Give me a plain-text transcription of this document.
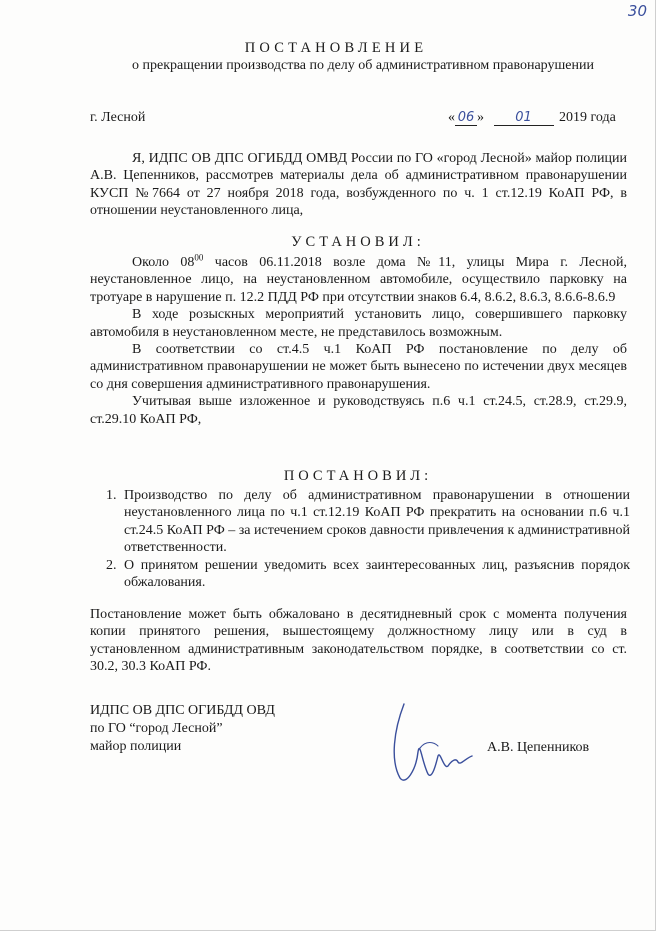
30
ПОСТАНОВЛЕНИЕ
о прекращении производства по делу об административном правонарушении
г. Лесной	« 06 » 01 2019 года

Я, ИДПС ОВ ДПС ОГИБДД ОМВД России по ГО «город Лесной» майор полиции А.В. Цепенников, рассмотрев материалы дела об административном правонарушении КУСП №7664 от 27 ноября 2018 года, возбужденного по ч. 1 ст.12.19 КоАП РФ, в отношении неустановленного лица,

УСТАНОВИЛ:

Около $08^{00}$ часов 06.11.2018 возле дома №11, улицы Мира г. Лесной, неустановленное лицо, на неустановленном автомобиле, осуществило парковку на тротуаре в нарушение п. 12.2 ПДД РФ при отсутствии знаков 6.4, 8.6.2, 8.6.3, 8.6.6-8.6.9

В ходе розыскных мероприятий установить лицо, совершившего парковку автомобиля в неустановленном месте, не представилось возможным.

В соответствии со ст.4.5 ч.1 КоАП РФ постановление по делу об административном правонарушении не может быть вынесено по истечении двух месяцев со дня совершения административного правонарушения.

Учитывая выше изложенное и руководствуясь п.6 ч.1 ст.24.5, ст.28.9, ст.29.9, ст.29.10 КоАП РФ,

ПОСТАНОВИЛ:

1. Производство по делу об административном правонарушении в отношении неустановленного лица по ч.1 ст.12.19 КоАП РФ прекратить на основании п.6 ч.1 ст.24.5 КоАП РФ – за истечением сроков давности привлечения к административной ответственности.

2. О принятом решении уведомить всех заинтересованных лиц, разъяснив порядок обжалования.

Постановление может быть обжаловано в десятидневный срок с момента получения копии принятого решения, вышестоящему должностному лицу или в суд в установленном административным законодательством порядке, в соответствии со ст. 30.2, 30.3 КоАП РФ.

ИДПС ОВ ДПС ОГИБДД ОВД
по ГО “город Лесной”
майор полиции	А.В. Цепенников
